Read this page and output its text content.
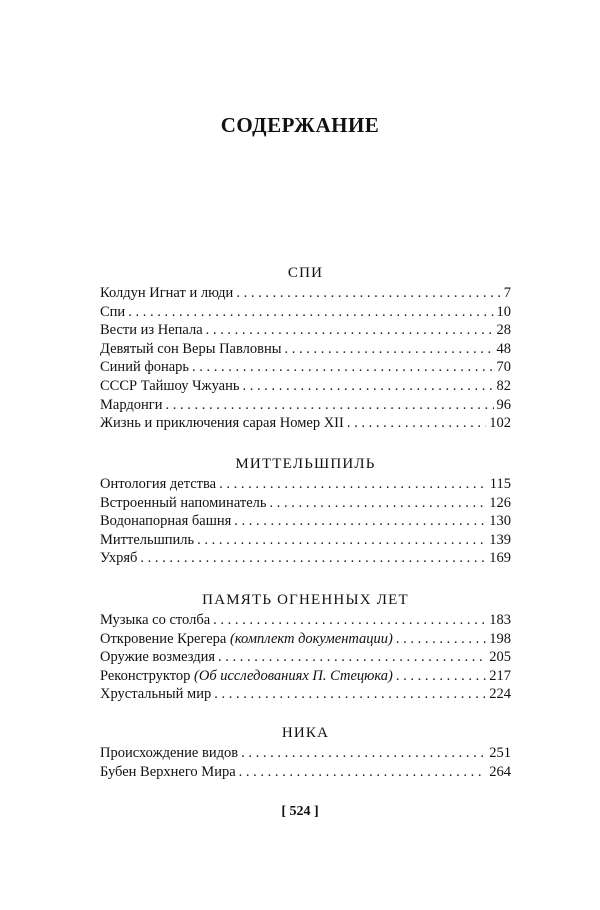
СОДЕРЖАНИЕ
СПИ
Колдун Игнат и люди . . .	7
Спи . . .	10
Вести из Непала . . .	28
Девятый сон Веры Павловны . . .	48
Синий фонарь . . .	70
СССР Тайшоу Чжуань . . .	82
Мардонги . . .	96
Жизнь и приключения сарая Номер XII . . .	102
МИТТЕЛЬШПИЛЬ
Онтология детства . . .	115
Встроенный напоминатель . . .	126
Водонапорная башня . . .	130
Миттельшпиль . . .	139
Ухряб . . .	169
ПАМЯТЬ ОГНЕННЫХ ЛЕТ
Музыка со столба . . .	183
Откровение Крегера (комплект документации) . . .	198
Оружие возмездия . . .	205
Реконструктор (Об исследованиях П. Стецюка) . . .	217
Хрустальный мир . . .	224
НИКА
Происхождение видов . . .	251
Бубен Верхнего Мира . . .	264
[ 524 ]
